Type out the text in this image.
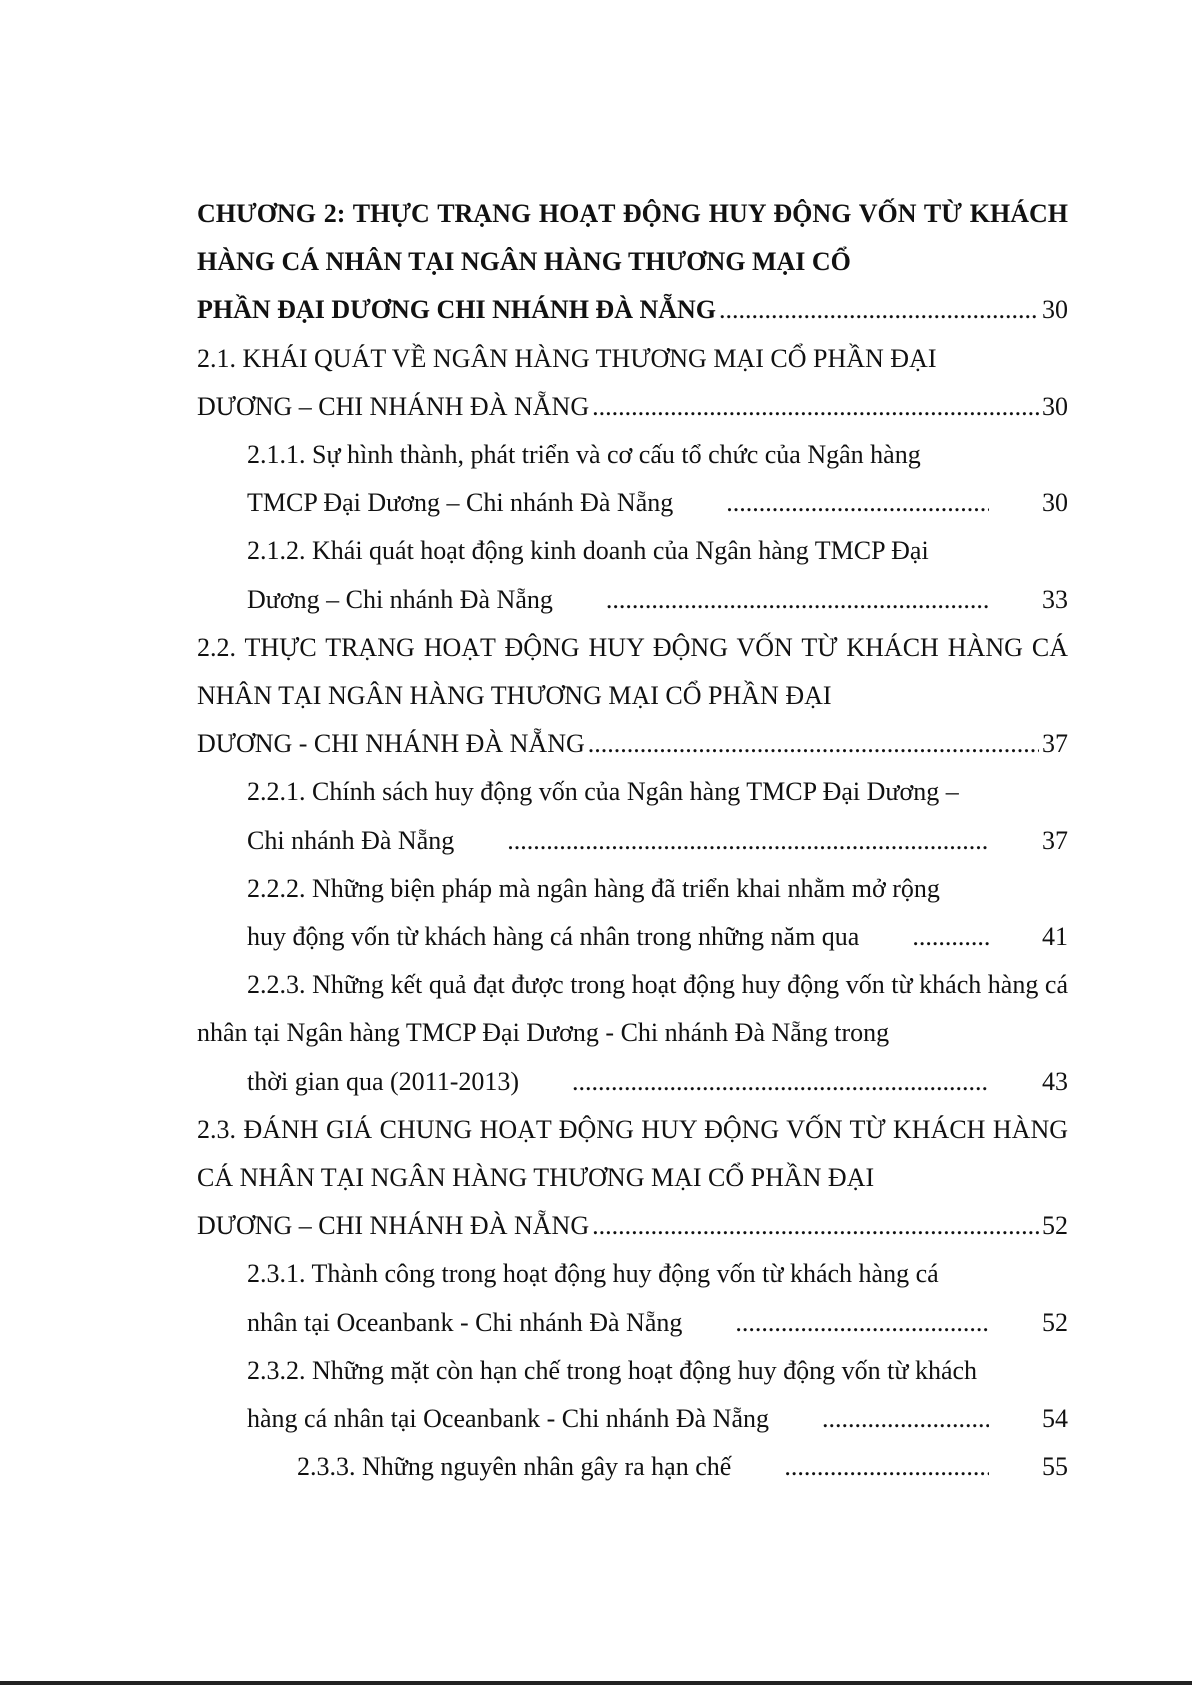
CHƯƠNG 2: THỰC TRẠNG HOẠT ĐỘNG HUY ĐỘNG VỐN TỪ KHÁCH HÀNG CÁ NHÂN TẠI NGÂN HÀNG THƯƠNG MẠI CỔ

PHẦN ĐẠI DƯƠNG CHI NHÁNH ĐÀ NẴNG .....	30

2.1. KHÁI QUÁT VỀ NGÂN HÀNG THƯƠNG MẠI CỔ PHẦN ĐẠI

DƯƠNG – CHI NHÁNH ĐÀ NẴNG .....	30

2.1.1. Sự hình thành, phát triển và cơ cấu tổ chức của Ngân hàng

TMCP Đại Dương – Chi nhánh Đà Nẵng .....	30

2.1.2. Khái quát hoạt động kinh doanh của Ngân hàng TMCP Đại

Dương – Chi nhánh Đà Nẵng .....	33

2.2. THỰC TRẠNG HOẠT ĐỘNG HUY ĐỘNG VỐN TỪ KHÁCH HÀNG CÁ NHÂN TẠI NGÂN HÀNG THƯƠNG MẠI CỔ PHẦN ĐẠI

DƯƠNG - CHI NHÁNH ĐÀ NẴNG .....	37

2.2.1. Chính sách huy động vốn của Ngân hàng TMCP Đại Dương –

Chi nhánh Đà Nẵng .....	37

2.2.2. Những biện pháp mà ngân hàng đã triển khai nhằm mở rộng

huy động vốn từ khách hàng cá nhân trong những năm qua .....	41

2.2.3. Những kết quả đạt được trong hoạt động huy động vốn từ khách hàng cá nhân tại Ngân hàng TMCP Đại Dương - Chi nhánh Đà Nẵng trong

thời gian qua (2011-2013) .....	43

2.3. ĐÁNH GIÁ CHUNG HOẠT ĐỘNG HUY ĐỘNG VỐN TỪ KHÁCH HÀNG CÁ NHÂN TẠI NGÂN HÀNG THƯƠNG MẠI CỔ PHẦN ĐẠI

DƯƠNG – CHI NHÁNH ĐÀ NẴNG .....	52

2.3.1. Thành công trong hoạt động huy động vốn từ khách hàng cá

nhân tại Oceanbank - Chi nhánh Đà Nẵng .....	52

2.3.2. Những mặt còn hạn chế trong hoạt động huy động vốn từ khách

hàng cá nhân tại Oceanbank - Chi nhánh Đà Nẵng .....	54
2.3.3. Những nguyên nhân gây ra hạn chế .....	55
